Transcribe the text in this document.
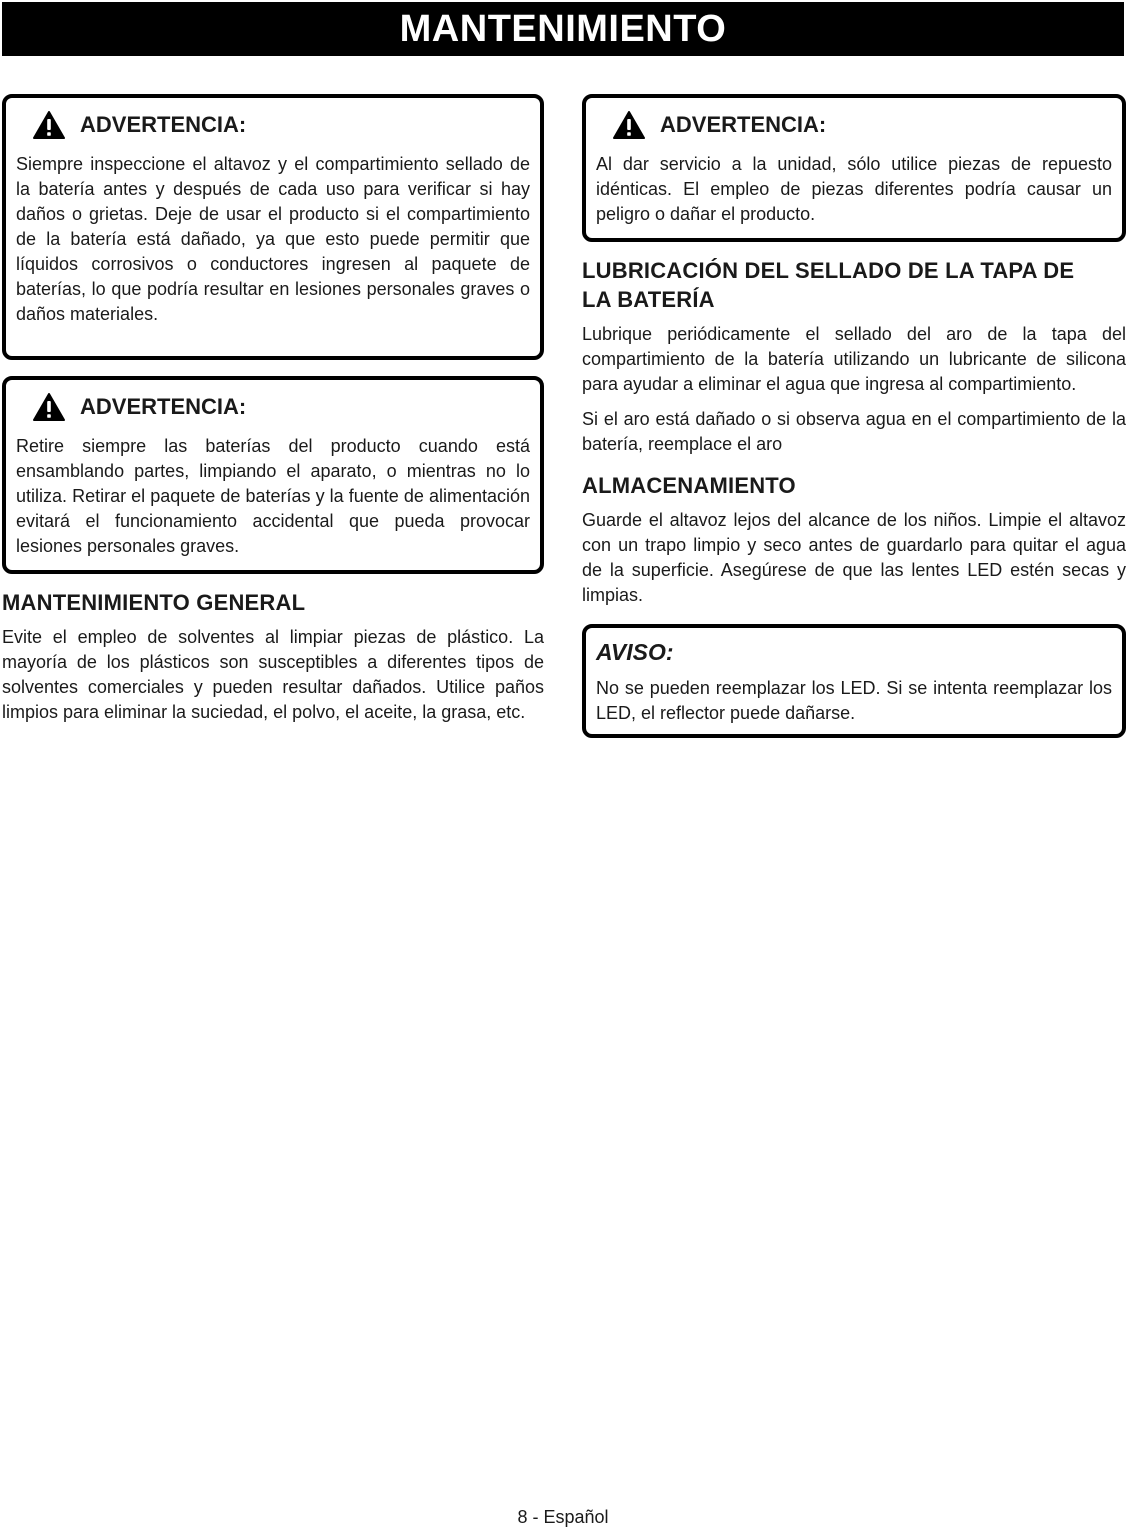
MANTENIMIENTO
ADVERTENCIA:

Siempre inspeccione el altavoz y el compartimiento sellado de la batería antes y después de cada uso para verificar si hay daños o grietas. Deje de usar el producto si el compartimiento de la batería está dañado, ya que esto puede permitir que líquidos corrosivos o conductores ingresen al paquete de baterías, lo que podría resultar en lesiones personales graves o daños materiales.

ADVERTENCIA:

Retire siempre las baterías del producto cuando está ensamblando partes, limpiando el aparato, o mientras no lo utiliza. Retirar el paquete de baterías y la fuente de alimentación evitará el funcionamiento accidental que pueda provocar lesiones personales graves.

MANTENIMIENTO GENERAL

Evite el empleo de solventes al limpiar piezas de plástico. La mayoría de los plásticos son susceptibles a diferentes tipos de solventes comerciales y pueden resultar dañados. Utilice paños limpios para eliminar la suciedad, el polvo, el aceite, la grasa, etc.

ADVERTENCIA:

Al dar servicio a la unidad, sólo utilice piezas de repuesto idénticas. El empleo de piezas diferentes podría causar un peligro o dañar el producto.

LUBRICACIÓN DEL SELLADO DE LA TAPA DE LA BATERÍA

Lubrique periódicamente el sellado del aro de la tapa del compartimiento de la batería utilizando un lubricante de silicona para ayudar a eliminar el agua que ingresa al compartimiento.

Si el aro está dañado o si observa agua en el compartimiento de la batería, reemplace el aro

ALMACENAMIENTO

Guarde el altavoz lejos del alcance de los niños. Limpie el altavoz con un trapo limpio y seco antes de guardarlo para quitar el agua de la superficie. Asegúrese de que las lentes LED estén secas y limpias.

AVISO:

No se pueden reemplazar los LED. Si se intenta reemplazar los LED, el reflector puede dañarse.

8 - Español
